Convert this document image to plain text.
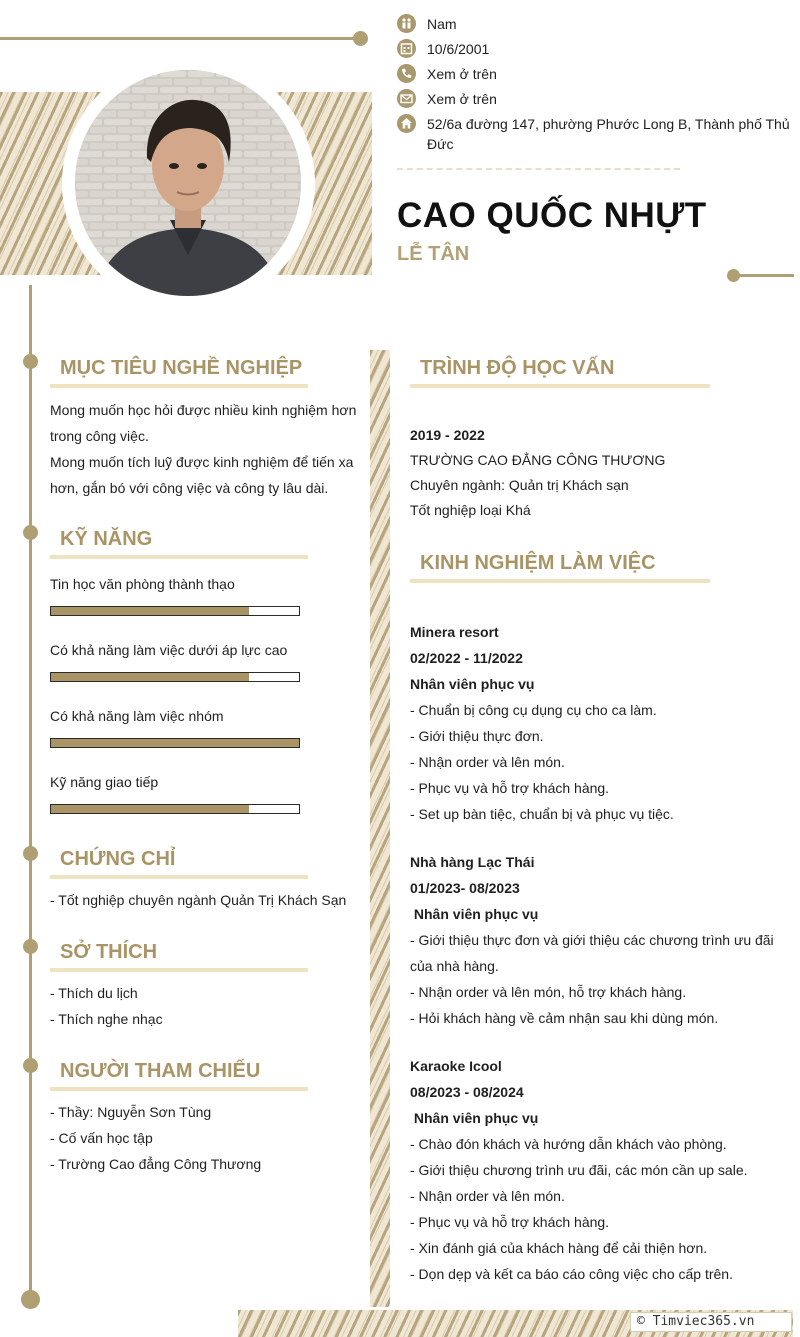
Nam
10/6/2001
Xem ở trên
Xem ở trên
52/6a đường 147, phường Phước Long B, Thành phố Thủ Đức
CAO QUỐC NHỰT
LỄ TÂN
MỤC TIÊU NGHỀ NGHIỆP
Mong muốn học hỏi được nhiều kinh nghiệm hơn
trong công việc.
Mong muốn tích luỹ được kinh nghiệm để tiến xa
hơn, gắn bó với công việc và công ty lâu dài.
KỸ NĂNG
Tin học văn phòng thành thạo
Có khả năng làm việc dưới áp lực cao
Có khả năng làm việc nhóm
Kỹ năng giao tiếp
CHỨNG CHỈ
- Tốt nghiệp chuyên ngành Quản Trị Khách Sạn
SỞ THÍCH
- Thích du lịch
- Thích nghe nhạc
NGƯỜI THAM CHIẾU
- Thầy: Nguyễn Sơn Tùng
- Cố vấn học tập
- Trường Cao đẳng Công Thương
TRÌNH ĐỘ HỌC VẤN
2019 - 2022
TRƯỜNG CAO ĐẲNG CÔNG THƯƠNG
Chuyên ngành: Quản trị Khách sạn
Tốt nghiệp loại Khá
KINH NGHIỆM LÀM VIỆC
Minera resort
02/2022 - 11/2022
Nhân viên phục vụ
- Chuẩn bị công cụ dụng cụ cho ca làm.
- Giới thiệu thực đơn.
- Nhận order và lên món.
- Phục vụ và hỗ trợ khách hàng.
- Set up bàn tiệc, chuẩn bị và phục vụ tiệc.
Nhà hàng Lạc Thái
01/2023- 08/2023
Nhân viên phục vụ
- Giới thiệu thực đơn và giới thiệu các chương trình ưu đãi
của nhà hàng.
- Nhận order và lên món, hỗ trợ khách hàng.
- Hỏi khách hàng về cảm nhận sau khi dùng món.
Karaoke Icool
08/2023 - 08/2024
Nhân viên phục vụ
- Chào đón khách và hướng dẫn khách vào phòng.
- Giới thiệu chương trình ưu đãi, các món cần up sale.
- Nhận order và lên món.
- Phục vụ và hỗ trợ khách hàng.
- Xin đánh giá của khách hàng để cải thiện hơn.
- Dọn dẹp và kết ca báo cáo công việc cho cấp trên.
© Timviec365.vn
